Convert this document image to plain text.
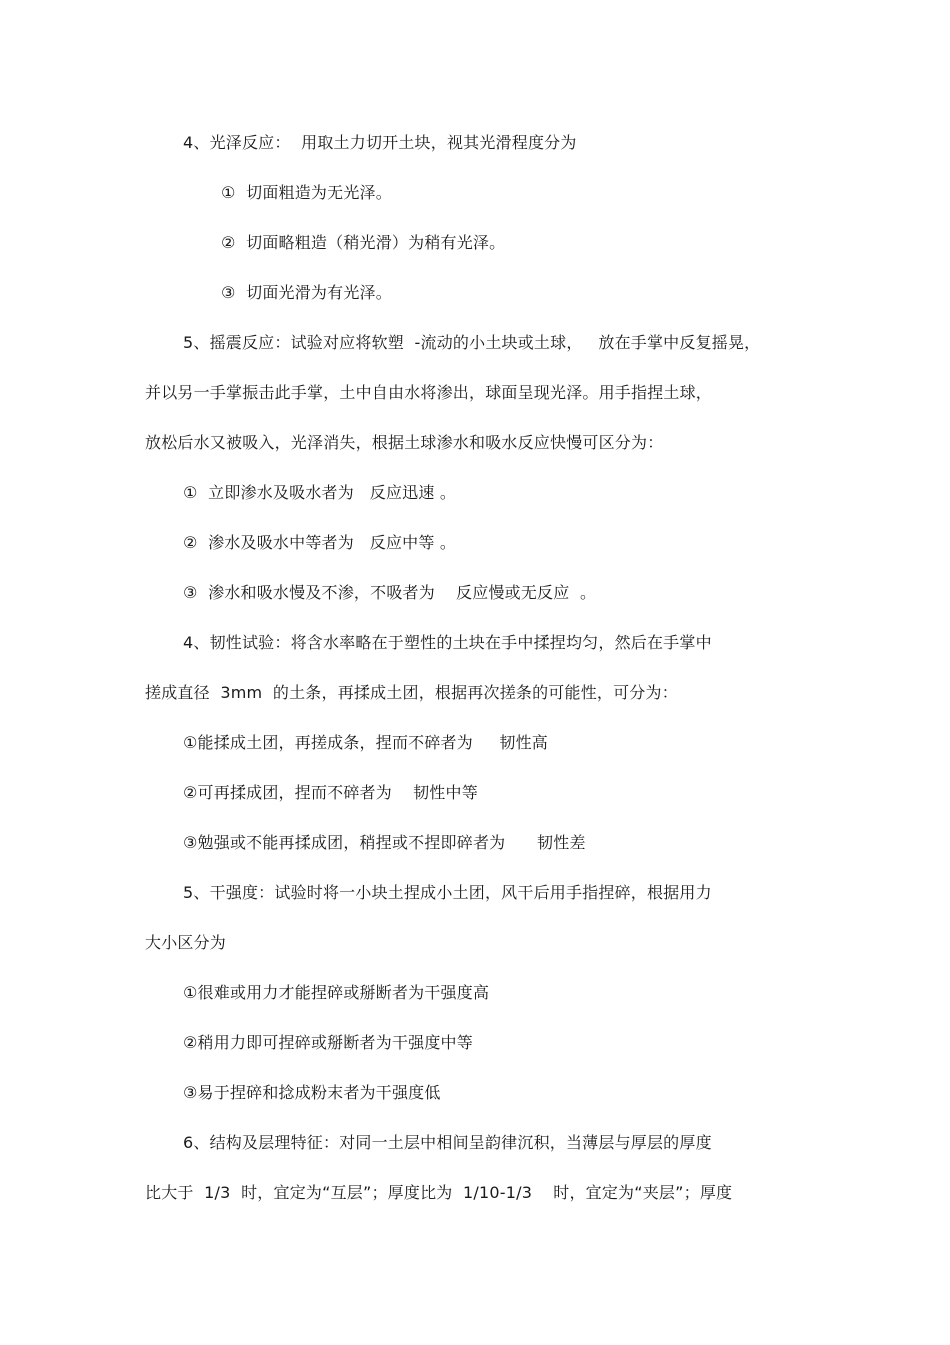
4、光泽反应：  用取土力切开土块，视其光滑程度分为
①  切面粗造为无光泽。
②  切面略粗造（稍光滑）为稍有光泽。
③  切面光滑为有光泽。
5、摇震反应：试验对应将软塑  -流动的小土块或土球，   放在手掌中反复摇晃，
并以另一手掌振击此手掌，土中自由水将渗出，球面呈现光泽。用手指捏土球，
放松后水又被吸入，光泽消失，根据土球渗水和吸水反应快慢可区分为：
①  立即渗水及吸水者为   反应迅速 。
②  渗水及吸水中等者为   反应中等 。
③  渗水和吸水慢及不渗，不吸者为    反应慢或无反应  。
4、韧性试验：将含水率略在于塑性的土块在手中揉捏均匀，然后在手掌中
搓成直径  3mm  的土条，再揉成土团，根据再次搓条的可能性，可分为：
①能揉成土团，再搓成条，捏而不碎者为     韧性高
②可再揉成团，捏而不碎者为    韧性中等
③勉强或不能再揉成团，稍捏或不捏即碎者为      韧性差
5、干强度：试验时将一小块土捏成小土团，风干后用手指捏碎，根据用力
大小区分为
①很难或用力才能捏碎或掰断者为干强度高
②稍用力即可捏碎或掰断者为干强度中等
③易于捏碎和捻成粉末者为干强度低
6、结构及层理特征：对同一土层中相间呈韵律沉积，当薄层与厚层的厚度
比大于  1/3  时，宜定为“互层”；厚度比为  1/10-1/3    时，宜定为“夹层”；厚度
